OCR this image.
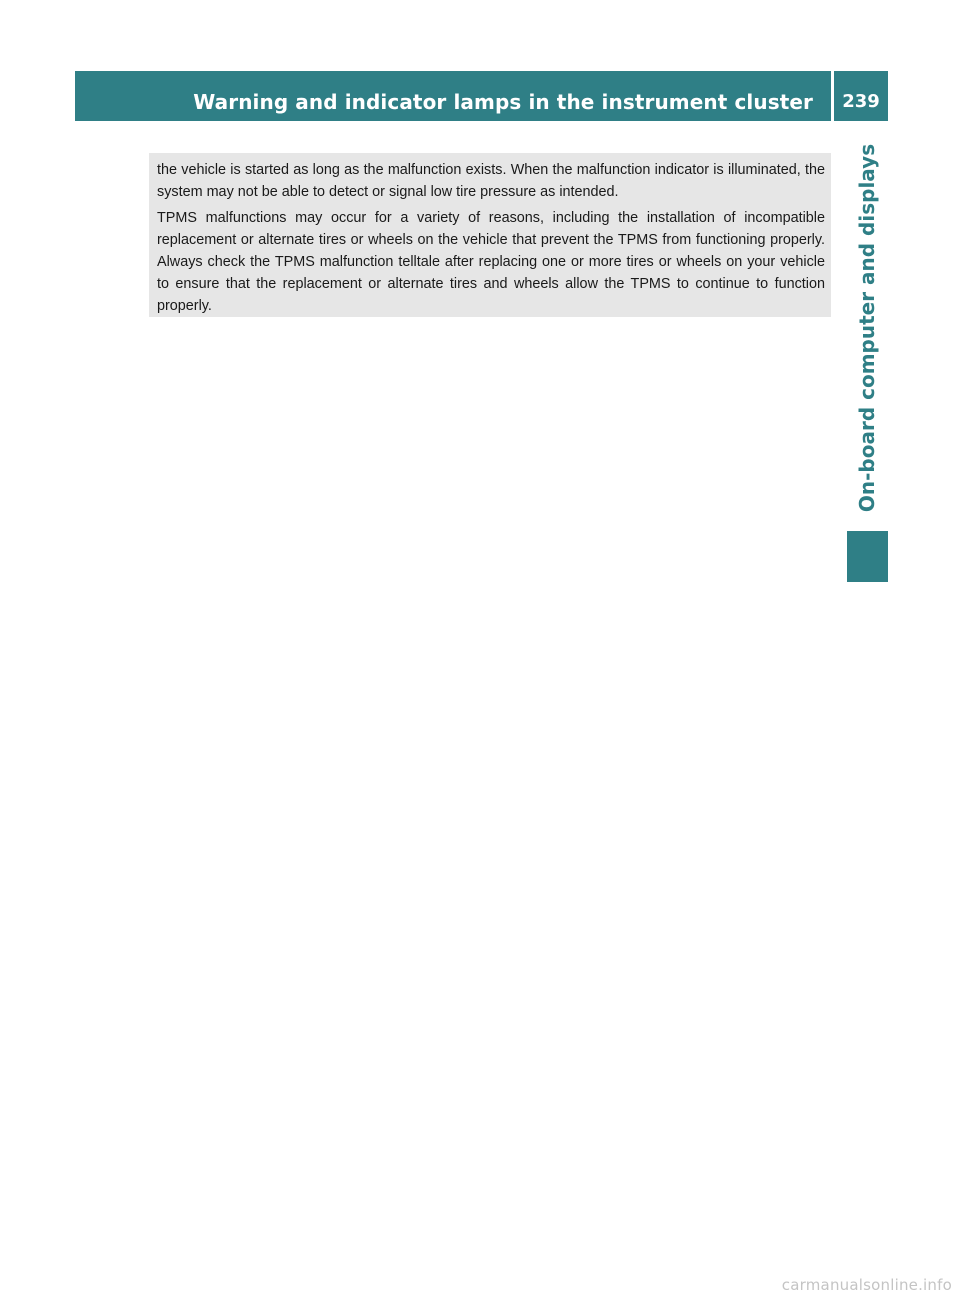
Warning and indicator lamps in the instrument cluster	239
On-board computer and displays

the vehicle is started as long as the malfunction exists. When the malfunction indicator is illuminated, the system may not be able to detect or signal low tire pressure as intended.

TPMS malfunctions may occur for a variety of reasons, including the installation of incompatible replacement or alternate tires or wheels on the vehicle that prevent the TPMS from functioning properly. Always check the TPMS malfunction telltale after replacing one or more tires or wheels on your vehicle to ensure that the replacement or alternate tires and wheels allow the TPMS to continue to function properly.

carmanualsonline.info
